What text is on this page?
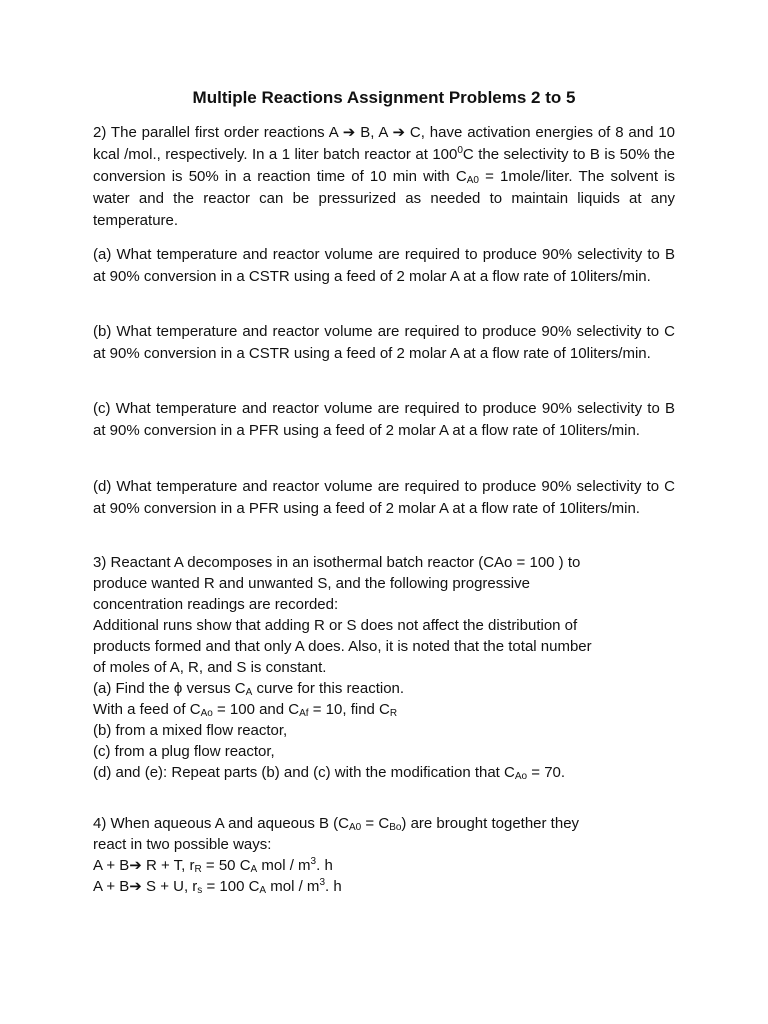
Multiple Reactions Assignment Problems 2 to 5
2) The parallel first order reactions A ➔ B, A ➔ C, have activation energies of 8 and 10 kcal /mol., respectively. In a 1 liter batch reactor at $100^0C$ the selectivity to B is 50% the conversion is 50% in a reaction time of 10 min with $C_{A0}$ = 1mole/liter. The solvent is water and the reactor can be pressurized as needed to maintain liquids at any temperature.
(a) What temperature and reactor volume are required to produce 90% selectivity to B at 90% conversion in a CSTR using a feed of 2 molar A at a flow rate of 10liters/min.
(b) What temperature and reactor volume are required to produce 90% selectivity to C at 90% conversion in a CSTR using a feed of 2 molar A at a flow rate of 10liters/min.
(c) What temperature and reactor volume are required to produce 90% selectivity to B at 90% conversion in a PFR using a feed of 2 molar A at a flow rate of 10liters/min.
(d) What temperature and reactor volume are required to produce 90% selectivity to C at 90% conversion in a PFR using a feed of 2 molar A at a flow rate of 10liters/min.
3) Reactant A decomposes in an isothermal batch reactor (CAo = 100 ) to
produce wanted R and unwanted S, and the following progressive
concentration readings are recorded:
Additional runs show that adding R or S does not affect the distribution of
products formed and that only A does. Also, it is noted that the total number
of moles of A, R, and S is constant.
(a) Find the ϕ versus $C_A$ curve for this reaction.
With a feed of $C_{Ao} = 100$ and $C_{Af} = 10$, find $C_R$
(b) from a mixed flow reactor,
(c) from a plug flow reactor,
(d) and (e): Repeat parts (b) and (c) with the modification that $C_{Ao} = 70$.
4) When aqueous A and aqueous B $(C_{A0} = C_{Bo})$ are brought together they
react in two possible ways:
A + B➔ R + T, $r_R = 50$ $C_A$ mol / $m^3$. h
A + B➔ S + U, $r_s = 100$ $C_A$ mol / $m^3$. h
